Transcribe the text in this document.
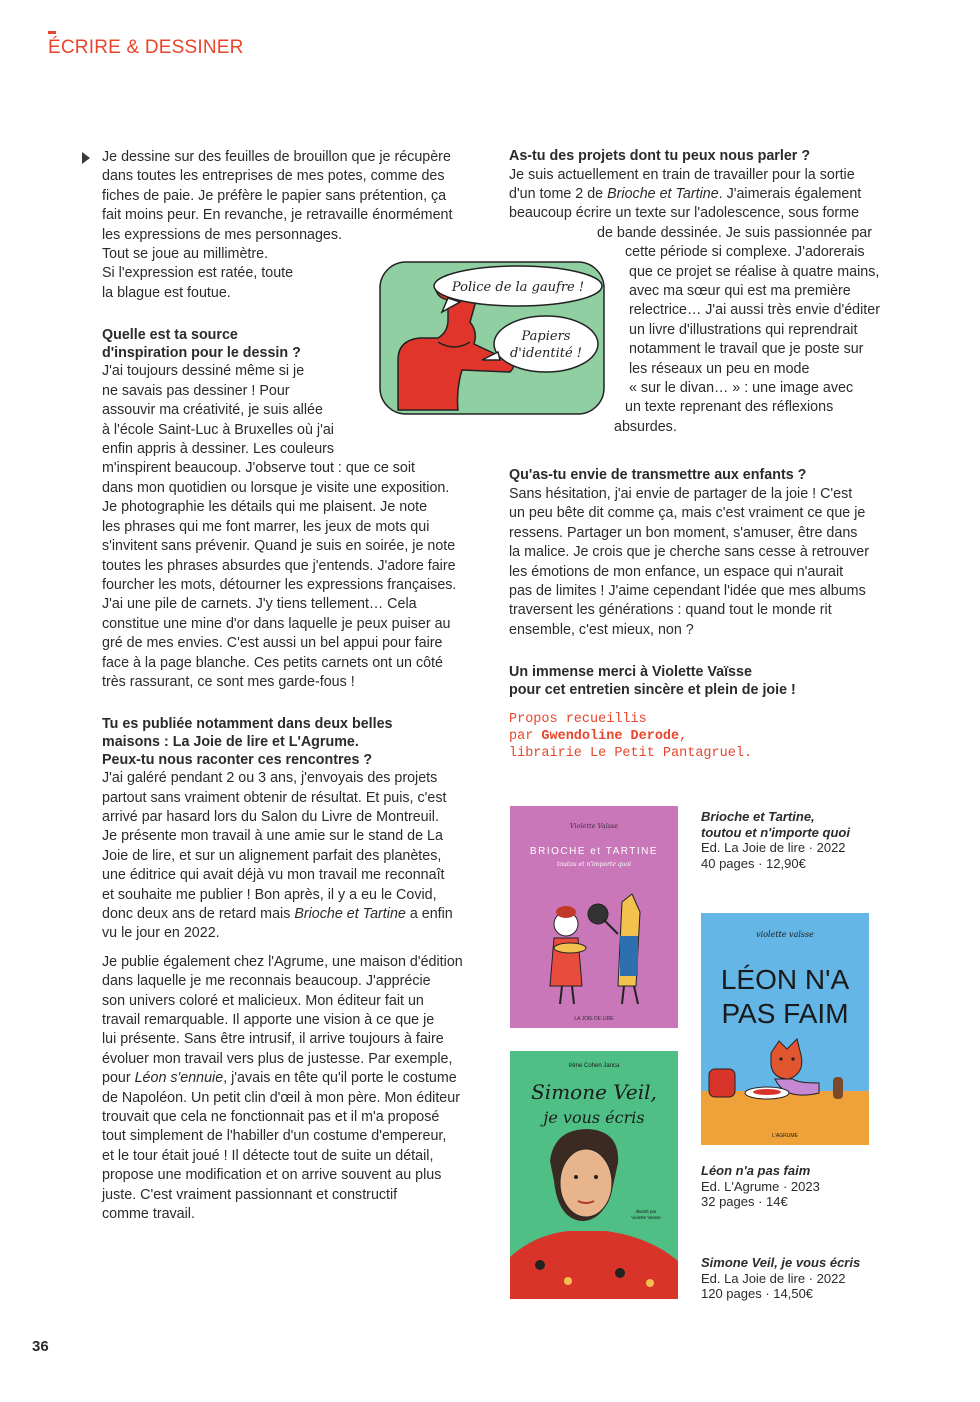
ÉCRIRE & DESSINER

Je dessine sur des feuilles de brouillon que je récupère
dans toutes les entreprises de mes potes, comme des
fiches de paie. Je préfère le papier sans prétention, ça
fait moins peur. En revanche, je retravaille énormément
les expressions de mes personnages.
Tout se joue au millimètre.
Si l'expression est ratée, toute
la blague est foutue.

Quelle est ta source
d'inspiration pour le dessin ?

J'ai toujours dessiné même si je
ne savais pas dessiner ! Pour
assouvir ma créativité, je suis allée
à l'école Saint-Luc à Bruxelles où j'ai
enfin appris à dessiner. Les couleurs
m'inspirent beaucoup. J'observe tout : que ce soit
dans mon quotidien ou lorsque je visite une exposition.
Je photographie les détails qui me plaisent. Je note
les phrases qui me font marrer, les jeux de mots qui
s'invitent sans prévenir. Quand je suis en soirée, je note
toutes les phrases absurdes que j'entends. J'adore faire
fourcher les mots, détourner les expressions françaises.
J'ai une pile de carnets. J'y tiens tellement… Cela
constitue une mine d'or dans laquelle je peux puiser au
gré de mes envies. C'est aussi un bel appui pour faire
face à la page blanche. Ces petits carnets ont un côté
très rassurant, ce sont mes garde-fous !

Tu es publiée notamment dans deux belles
maisons : La Joie de lire et L'Agrume.
Peux-tu nous raconter ces rencontres ?

J'ai galéré pendant 2 ou 3 ans, j'envoyais des projets
partout sans vraiment obtenir de résultat. Et puis, c'est
arrivé par hasard lors du Salon du Livre de Montreuil.
Je présente mon travail à une amie sur le stand de La
Joie de lire, et sur un alignement parfait des planètes,
une éditrice qui avait déjà vu mon travail me reconnaît
et souhaite me publier ! Bon après, il y a eu le Covid,
donc deux ans de retard mais Brioche et Tartine a enfin
vu le jour en 2022.

Je publie également chez l'Agrume, une maison d'édition
dans laquelle je me reconnais beaucoup. J'apprécie
son univers coloré et malicieux. Mon éditeur fait un
travail remarquable. Il apporte une vision à ce que je
lui présente. Sans être intrusif, il arrive toujours à faire
évoluer mon travail vers plus de justesse. Par exemple,
pour Léon s'ennuie, j'avais en tête qu'il porte le costume
de Napoléon. Un petit clin d'œil à mon père. Mon éditeur
trouvait que cela ne fonctionnait pas et il m'a proposé
tout simplement de l'habiller d'un costume d'empereur,
et le tour était joué ! Il détecte tout de suite un détail,
propose une modification et on arrive souvent au plus
juste. C'est vraiment passionnant et constructif
comme travail.

Police de la gaufre !
Papiers
d'identité !
As-tu des projets dont tu peux nous parler ?

Je suis actuellement en train de travailler pour la sortie
d'un tome 2 de Brioche et Tartine. J'aimerais également
beaucoup écrire un texte sur l'adolescence, sous forme
de bande dessinée. Je suis passionnée par
cette période si complexe. J'adorerais
que ce projet se réalise à quatre mains,
avec ma sœur qui est ma première
relectrice… J'ai aussi très envie d'éditer
un livre d'illustrations qui reprendrait
notamment le travail que je poste sur
les réseaux un peu en mode
« sur le divan… » : une image avec
un texte reprenant des réflexions
absurdes.

Qu'as-tu envie de transmettre aux enfants ?

Sans hésitation, j'ai envie de partager de la joie ! C'est
un peu bête dit comme ça, mais c'est vraiment ce que je
ressens. Partager un bon moment, s'amuser, être dans
la malice. Je crois que je cherche sans cesse à retrouver
les émotions de mon enfance, un espace qui n'aurait
pas de limites ! J'aime cependant l'idée que mes albums
traversent les générations : quand tout le monde rit
ensemble, c'est mieux, non ?

Un immense merci à Violette Vaïsse
pour cet entretien sincère et plein de joie !

Propos recueillis
par Gwendoline Derode,
librairie Le Petit Pantagruel.

Violette Vaïsse
BRIOCHE et TARTINE
toutou et n'importe quoi
LA JOIE DE LIRE
violette vaïsse
LÉON N'A
PAS FAIM
L'AGRUME
Irène Cohen Janca
Simone Veil,
je vous écris
Illustré par
Violette Vaïsse
Brioche et Tartine,
toutou et n'importe quoi
Ed. La Joie de lire · 2022
40 pages · 12,90€
Léon n'a pas faim
Ed. L'Agrume · 2023
32 pages · 14€
Simone Veil, je vous écris
Ed. La Joie de lire · 2022
120 pages · 14,50€
36
